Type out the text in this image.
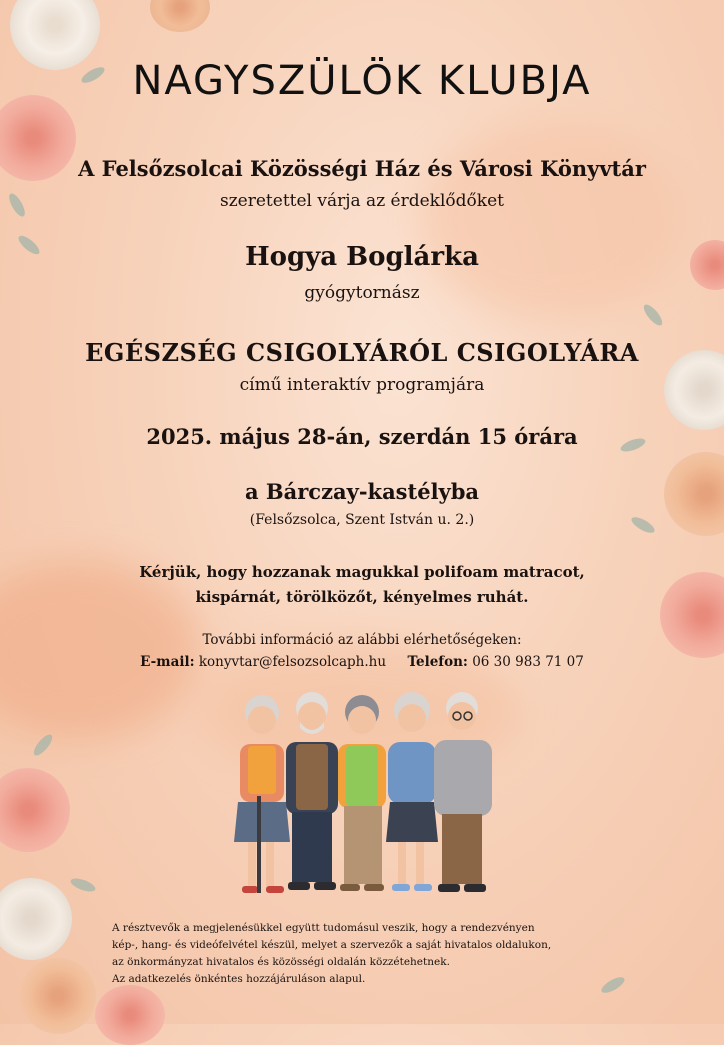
NAGYSZÜLÖK KLUBJA
A Felsőzsolcai Közösségi Ház és Városi Könyvtár
szeretettel várja az érdeklődőket
Hogya Boglárka
gyógytornász
EGÉSZSÉG CSIGOLYÁRÓL CSIGOLYÁRA
című interaktív programjára
2025. május 28-án, szerdán 15 órára
a Bárczay-kastélyba
(Felsőzsolca, Szent István u. 2.)
Kérjük, hogy hozzanak magukkal polifoam matracot,
kispárnát, törölközőt, kényelmes ruhát.
További információ az alábbi elérhetőségeken:
E-mail: konyvtar@felsozsolcaph.hu Telefon: 06 30 983 71 07
A résztvevők a megjelenésükkel együtt tudomásul veszik, hogy a rendezvényen
kép-, hang- és videófelvétel készül, melyet a szervezők a saját hivatalos oldalukon,
az önkormányzat hivatalos és közösségi oldalán közzétehetnek.
Az adatkezelés önkéntes hozzájáruláson alapul.
